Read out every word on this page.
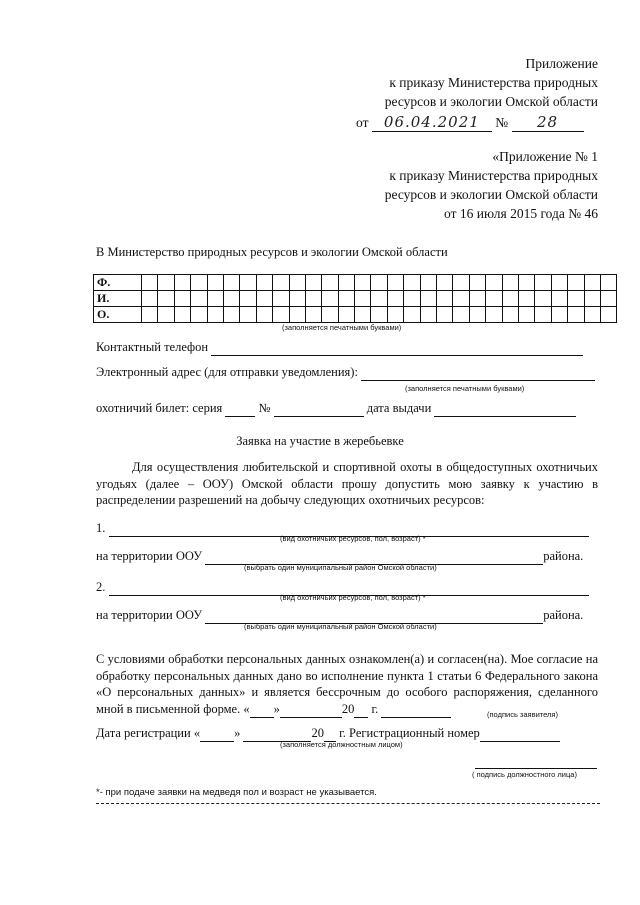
Приложение
к приказу Министерства природных
ресурсов и экологии Омской области
от 06.04.2021 № 28
«Приложение № 1
к приказу Министерства природных
ресурсов и экологии Омской области
от 16 июля 2015 года № 46
В Министерство природных ресурсов и экологии Омской области
Ф.																													
И.																													
О.																													
(заполняется печатными буквами)
Контактный телефон
Электронный адрес (для отправки уведомления):
(заполняется печатными буквами)
охотничий билет: серия	№	дата выдачи
Заявка на участие в жеребьевке
Для осуществления любительской и спортивной охоты в общедоступных охотничьих угодьях (далее – ООУ) Омской области прошу допустить мою заявку к участию в распределении разрешений на добычу следующих охотничьих ресурсов:
1.
(вид охотничьих ресурсов, пол, возраст) *
на территории ООУ	района.
(выбрать один муниципальный район Омской области)
2.
(вид охотничьих ресурсов, пол, возраст) *
на территории ООУ	района.
(выбрать один муниципальный район Омской области)
С условиями обработки персональных данных ознакомлен(а) и согласен(на). Мое согласие на обработку персональных данных дано во исполнение пункта 1 статьи 6 Федерального закона «О персональных данных» и является бессрочным до особого распоряжения, сделанного мной в письменной форме. « »	20 г.	(подпись заявителя)
Дата регистрации «	»	20 г. Регистрационный номер
(заполняется должностным лицом)
( подпись должностного лица)
*- при подаче заявки на медведя пол и возраст не указывается.
